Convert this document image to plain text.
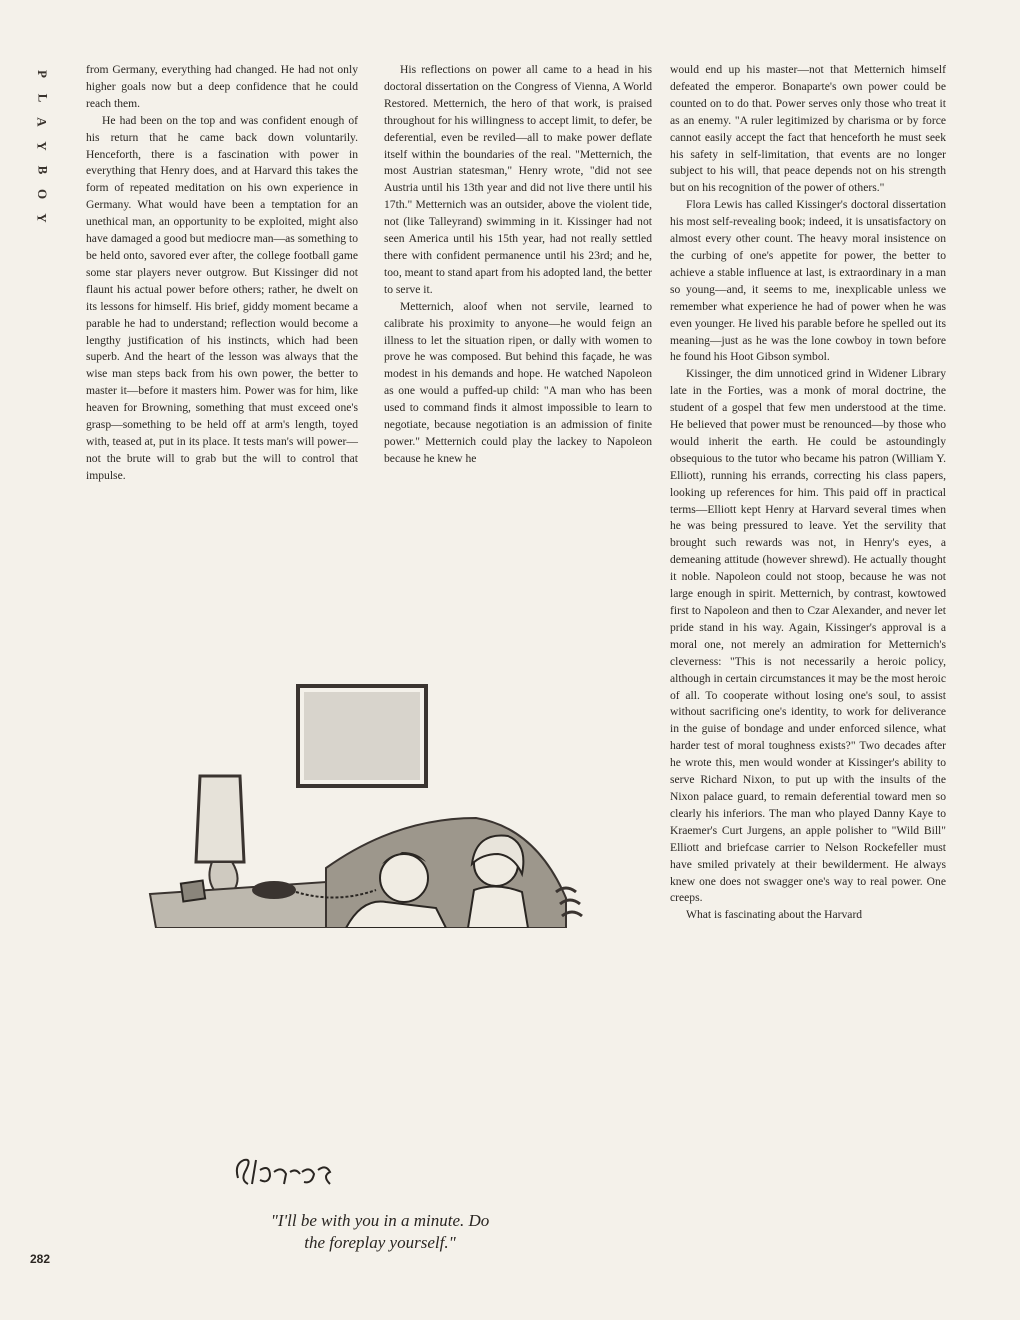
P
L
A
Y
B
O
Y

from Germany, everything had changed. He had not only higher goals now but a deep confidence that he could reach them.

He had been on the top and was confident enough of his return that he came back down voluntarily. Henceforth, there is a fascination with power in everything that Henry does, and at Harvard this takes the form of repeated meditation on his own experience in Germany. What would have been a temptation for an unethical man, an opportunity to be exploited, might also have damaged a good but mediocre man—as something to be held onto, savored ever after, the college football game some star players never outgrow. But Kissinger did not flaunt his actual power before others; rather, he dwelt on its lessons for himself. His brief, giddy moment became a parable he had to understand; reflection would become a lengthy justification of his instincts, which had been superb. And the heart of the lesson was always that the wise man steps back from his own power, the better to master it—before it masters him. Power was for him, like heaven for Browning, something that must exceed one's grasp—something to be held off at arm's length, toyed with, teased at, put in its place. It tests man's will power—not the brute will to grab but the will to control that impulse.

His reflections on power all came to a head in his doctoral dissertation on the Congress of Vienna, A World Restored. Metternich, the hero of that work, is praised throughout for his willingness to accept limit, to defer, be deferential, even be reviled—all to make power deflate itself within the boundaries of the real. "Metternich, the most Austrian statesman," Henry wrote, "did not see Austria until his 13th year and did not live there until his 17th." Metternich was an outsider, above the violent tide, not (like Talleyrand) swimming in it. Kissinger had not seen America until his 15th year, had not really settled there with confident permanence until his 23rd; and he, too, meant to stand apart from his adopted land, the better to serve it.

Metternich, aloof when not servile, learned to calibrate his proximity to anyone—he would feign an illness to let the situation ripen, or dally with women to prove he was composed. But behind this façade, he was modest in his demands and hope. He watched Napoleon as one would a puffed-up child: "A man who has been used to command finds it almost impossible to learn to negotiate, because negotiation is an admission of finite power." Metternich could play the lackey to Napoleon because he knew he

would end up his master—not that Metternich himself defeated the emperor. Bonaparte's own power could be counted on to do that. Power serves only those who treat it as an enemy. "A ruler legitimized by charisma or by force cannot easily accept the fact that henceforth he must seek his safety in self-limitation, that events are no longer subject to his will, that peace depends not on his strength but on his recognition of the power of others."

Flora Lewis has called Kissinger's doctoral dissertation his most self-revealing book; indeed, it is unsatisfactory on almost every other count. The heavy moral insistence on the curbing of one's appetite for power, the better to achieve a stable influence at last, is extraordinary in a man so young—and, it seems to me, inexplicable unless we remember what experience he had of power when he was even younger. He lived his parable before he spelled out its meaning—just as he was the lone cowboy in town before he found his Hoot Gibson symbol.

Kissinger, the dim unnoticed grind in Widener Library late in the Forties, was a monk of moral doctrine, the student of a gospel that few men understood at the time. He believed that power must be renounced—by those who would inherit the earth. He could be astoundingly obsequious to the tutor who became his patron (William Y. Elliott), running his errands, correcting his class papers, looking up references for him. This paid off in practical terms—Elliott kept Henry at Harvard several times when he was being pressured to leave. Yet the servility that brought such rewards was not, in Henry's eyes, a demeaning attitude (however shrewd). He actually thought it noble. Napoleon could not stoop, because he was not large enough in spirit. Metternich, by contrast, kowtowed first to Napoleon and then to Czar Alexander, and never let pride stand in his way. Again, Kissinger's approval is a moral one, not merely an admiration for Metternich's cleverness: "This is not necessarily a heroic policy, although in certain circumstances it may be the most heroic of all. To cooperate without losing one's soul, to assist without sacrificing one's identity, to work for deliverance in the guise of bondage and under enforced silence, what harder test of moral toughness exists?" Two decades after he wrote this, men would wonder at Kissinger's ability to serve Richard Nixon, to put up with the insults of the Nixon palace guard, to remain deferential toward men so clearly his inferiors. The man who played Danny Kaye to Kraemer's Curt Jurgens, an apple polisher to "Wild Bill" Elliott and briefcase carrier to Nelson Rockefeller must have smiled privately at their bewilderment. He always knew one does not swagger one's way to real power. One creeps.

What is fascinating about the Harvard

"I'll be with you in a minute. Do
the foreplay yourself."
282
